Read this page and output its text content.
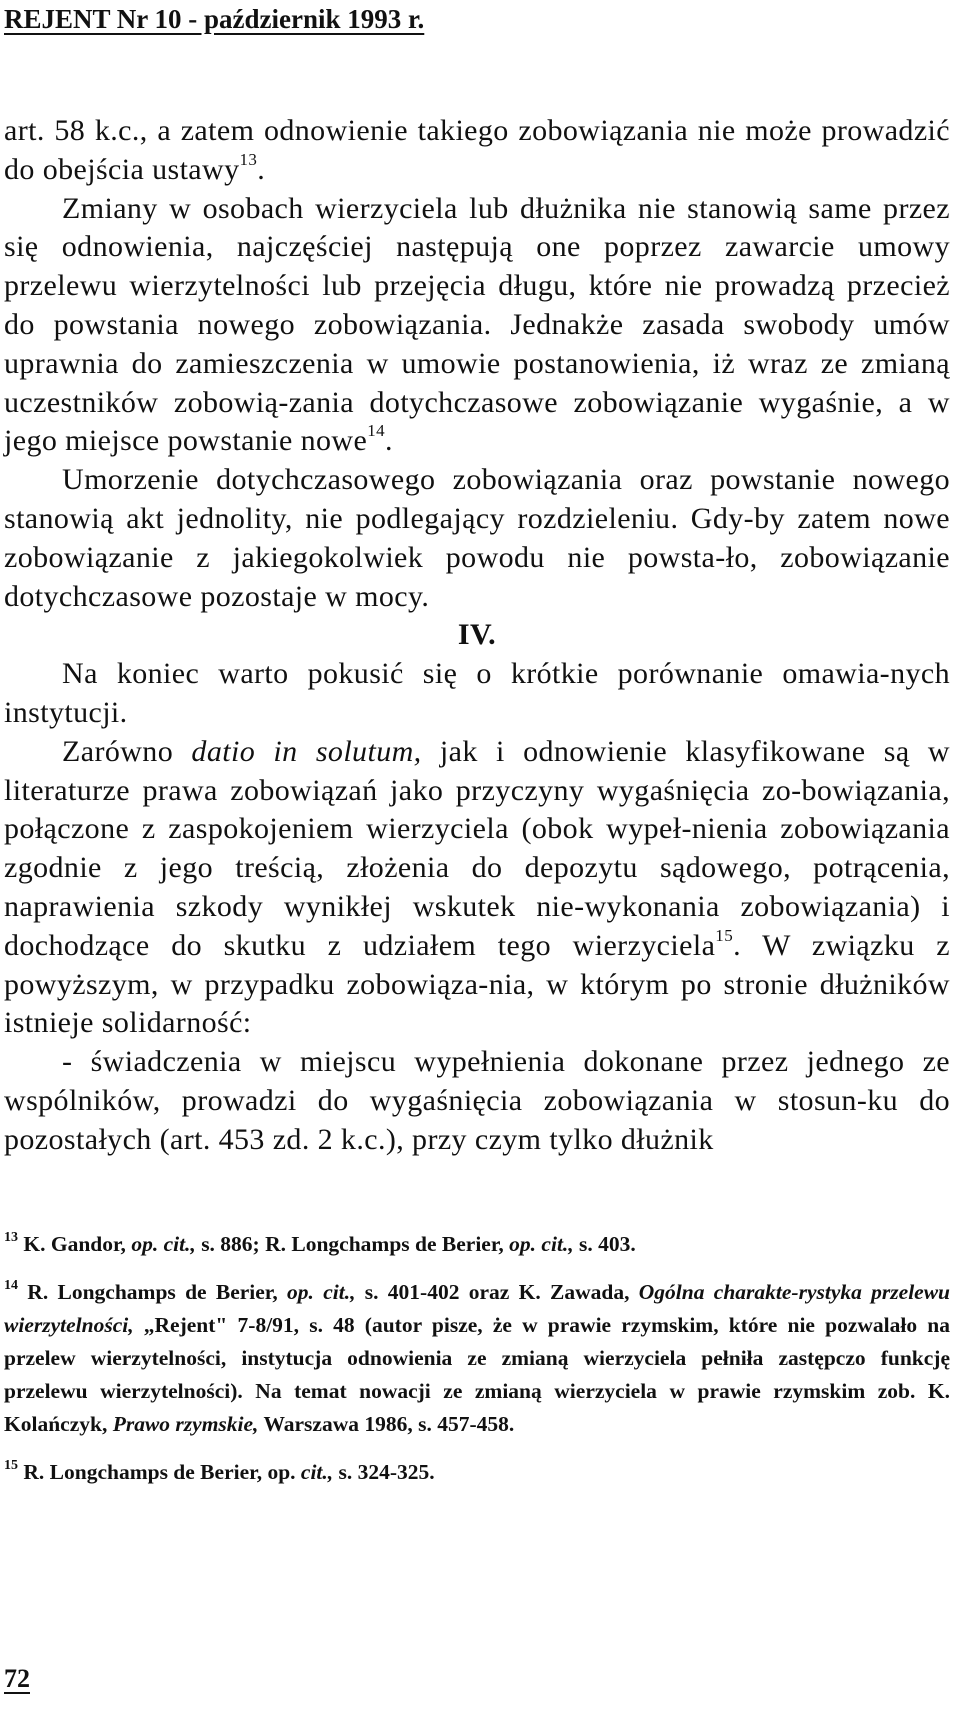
REJENT Nr 10 - październik 1993 r.

art. 58 k.c., a zatem odnowienie takiego zobowiązania nie może prowadzić do obejścia ustawy$^{13}$.

Zmiany w osobach wierzyciela lub dłużnika nie stanowią same przez się odnowienia, najczęściej następują one poprzez zawarcie umowy przelewu wierzytelności lub przejęcia długu, które nie prowadzą przecież do powstania nowego zobowiązania. Jednakże zasada swobody umów uprawnia do zamieszczenia w umowie postanowienia, iż wraz ze zmianą uczestników zobowią-zania dotychczasowe zobowiązanie wygaśnie, a w jego miejsce powstanie nowe$^{14}$.

Umorzenie dotychczasowego zobowiązania oraz powstanie nowego stanowią akt jednolity, nie podlegający rozdzieleniu. Gdy-by zatem nowe zobowiązanie z jakiegokolwiek powodu nie powsta-ło, zobowiązanie dotychczasowe pozostaje w mocy.

IV.

Na koniec warto pokusić się o krótkie porównanie omawia-nych instytucji.

Zarówno datio in solutum, jak i odnowienie klasyfikowane są w literaturze prawa zobowiązań jako przyczyny wygaśnięcia zo-bowiązania, połączone z zaspokojeniem wierzyciela (obok wypeł-nienia zobowiązania zgodnie z jego treścią, złożenia do depozytu sądowego, potrącenia, naprawienia szkody wynikłej wskutek nie-wykonania zobowiązania) i dochodzące do skutku z udziałem tego wierzyciela$^{15}$. W związku z powyższym, w przypadku zobowiąza-nia, w którym po stronie dłużników istnieje solidarność:

- świadczenia w miejscu wypełnienia dokonane przez jednego ze wspólników, prowadzi do wygaśnięcia zobowiązania w stosun-ku do pozostałych (art. 453 zd. 2 k.c.), przy czym tylko dłużnik

$^{13}$ K. Gandor, op. cit., s. 886; R. Longchamps de Berier, op. cit., s. 403.

$^{14}$ R. Longchamps de Berier, op. cit., s. 401-402 oraz K. Zawada, Ogólna charakte-rystyka przelewu wierzytelności, „Rejent" 7-8/91, s. 48 (autor pisze, że w prawie rzymskim, które nie pozwalało na przelew wierzytelności, instytucja odnowienia ze zmianą wierzyciela pełniła zastępczo funkcję przelewu wierzytelności). Na temat nowacji ze zmianą wierzyciela w prawie rzymskim zob. K. Kolańczyk, Prawo rzymskie, Warszawa 1986, s. 457-458.

$^{15}$ R. Longchamps de Berier, op. cit., s. 324-325.

72
